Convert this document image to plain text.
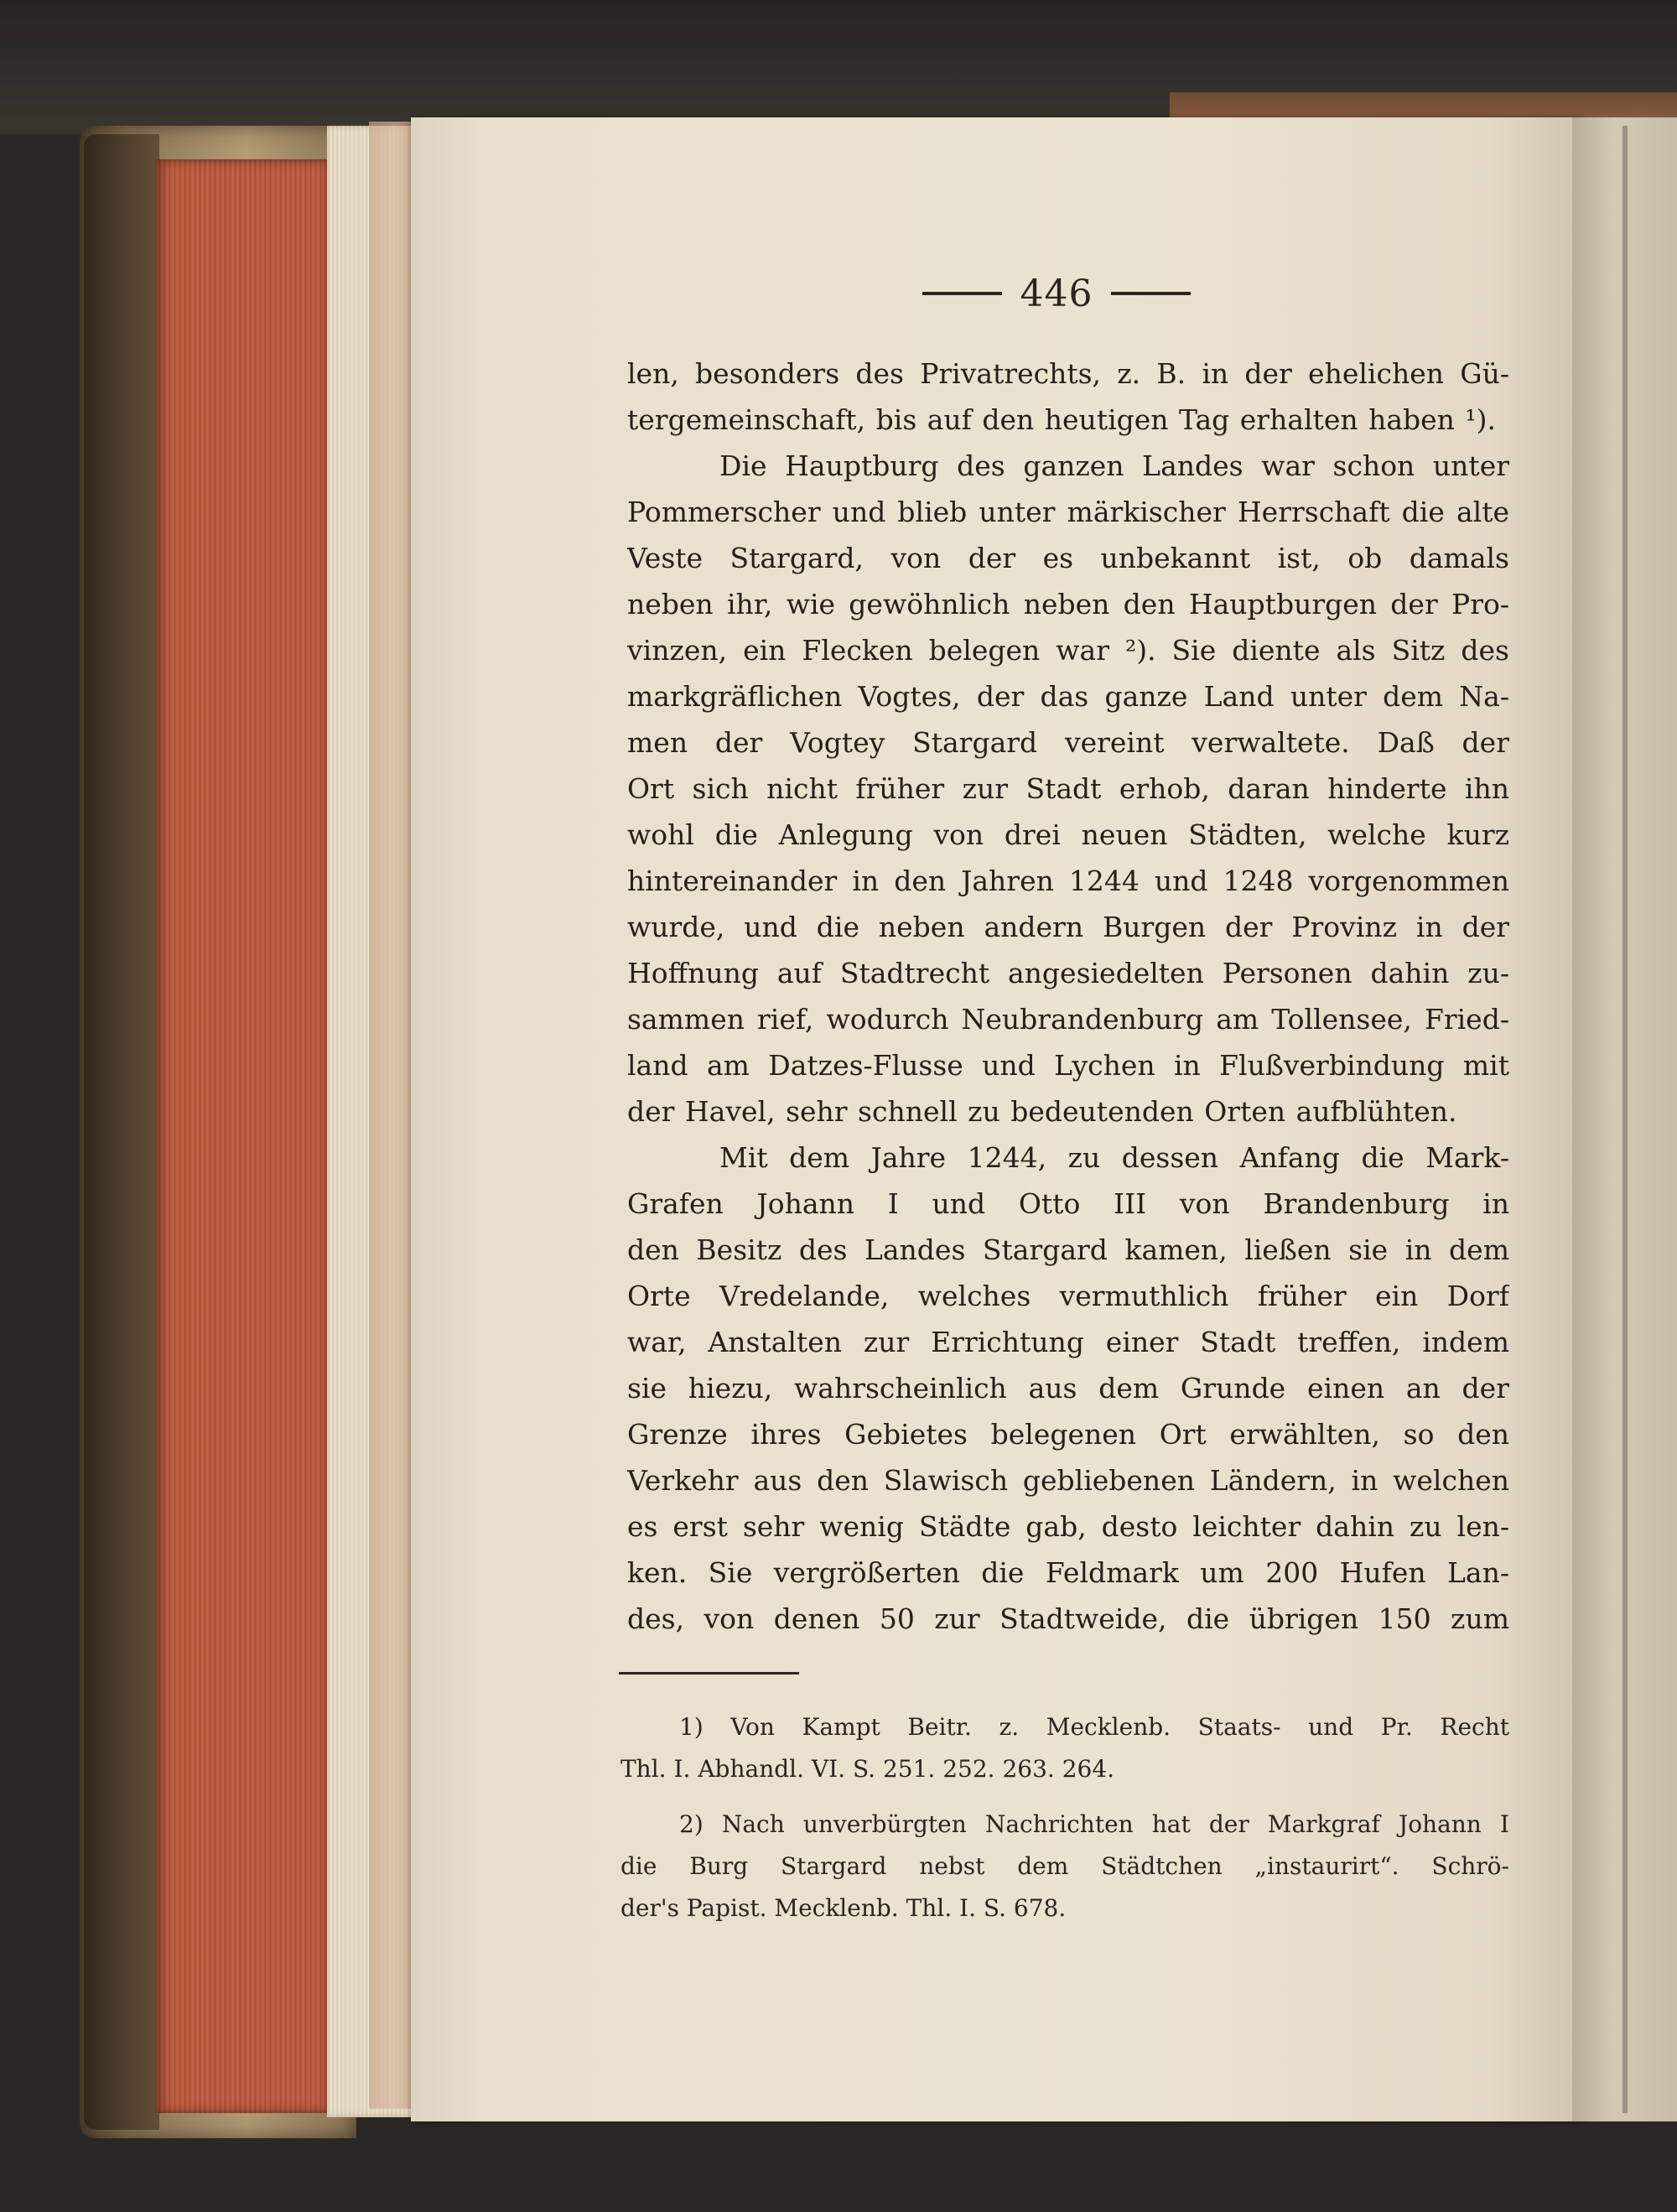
446
len, besonders des Privatrechts, z. B. in der ehelichen Gü-
tergemeinschaft, bis auf den heutigen Tag erhalten haben ¹).
Die Hauptburg des ganzen Landes war schon unter
Pommerscher und blieb unter märkischer Herrschaft die alte
Veste Stargard, von der es unbekannt ist, ob damals
neben ihr, wie gewöhnlich neben den Hauptburgen der Pro-
vinzen, ein Flecken belegen war ²). Sie diente als Sitz des
markgräflichen Vogtes, der das ganze Land unter dem Na-
men der Vogtey Stargard vereint verwaltete. Daß der
Ort sich nicht früher zur Stadt erhob, daran hinderte ihn
wohl die Anlegung von drei neuen Städten, welche kurz
hintereinander in den Jahren 1244 und 1248 vorgenommen
wurde, und die neben andern Burgen der Provinz in der
Hoffnung auf Stadtrecht angesiedelten Personen dahin zu-
sammen rief, wodurch Neubrandenburg am Tollensee, Fried-
land am Datzes-Flusse und Lychen in Flußverbindung mit
der Havel, sehr schnell zu bedeutenden Orten aufblühten.
Mit dem Jahre 1244, zu dessen Anfang die Mark-
Grafen Johann I und Otto III von Brandenburg in
den Besitz des Landes Stargard kamen, ließen sie in dem
Orte Vredelande, welches vermuthlich früher ein Dorf
war, Anstalten zur Errichtung einer Stadt treffen, indem
sie hiezu, wahrscheinlich aus dem Grunde einen an der
Grenze ihres Gebietes belegenen Ort erwählten, so den
Verkehr aus den Slawisch gebliebenen Ländern, in welchen
es erst sehr wenig Städte gab, desto leichter dahin zu len-
ken. Sie vergrößerten die Feldmark um 200 Hufen Lan-
des, von denen 50 zur Stadtweide, die übrigen 150 zum
1) Von Kampt Beitr. z. Mecklenb. Staats- und Pr. Recht
Thl. I. Abhandl. VI. S. 251. 252. 263. 264.
2) Nach unverbürgten Nachrichten hat der Markgraf Johann I
die Burg Stargard nebst dem Städtchen „instaurirt“. Schrö-
der's Papist. Mecklenb. Thl. I. S. 678.
